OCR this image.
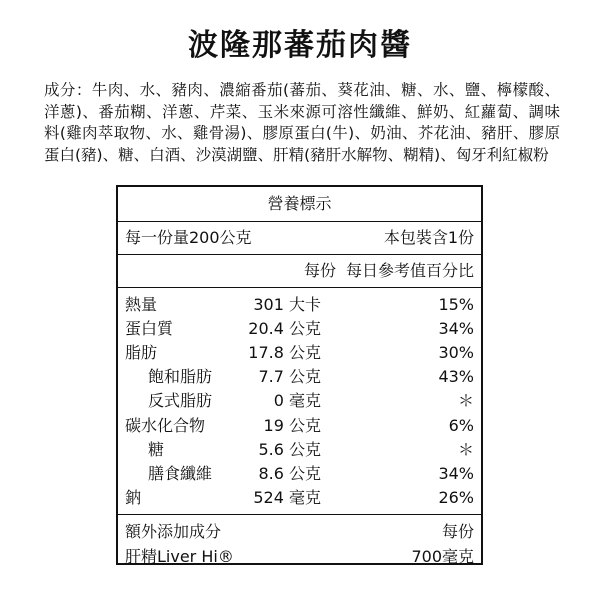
波隆那蕃茄肉醬
成分：牛肉、水、豬肉、濃縮番茄(蕃茄、葵花油、糖、水、鹽、檸檬酸、洋蔥)、番茄糊、洋蔥、芹菜、玉米來源可溶性纖維、鮮奶、紅蘿蔔、調味料(雞肉萃取物、水、雞骨湯)、膠原蛋白(牛)、奶油、芥花油、豬肝、膠原蛋白(豬)、糖、白酒、沙漠湖鹽、肝精(豬肝水解物、糊精)、匈牙利紅椒粉
營養標示
每一份量200公克	本包裝含1份
每份 每日參考值百分比
熱量	301 大卡	15%
蛋白質	20.4 公克	34%
脂肪	17.8 公克	30%
飽和脂肪	7.7 公克	43%
反式脂肪	0 毫克	＊
碳水化合物	19 公克	6%
糖	5.6 公克	＊
膳食纖維	8.6 公克	34%
鈉	524 毫克	26%
額外添加成分	每份
肝精Liver Hi®	700毫克
